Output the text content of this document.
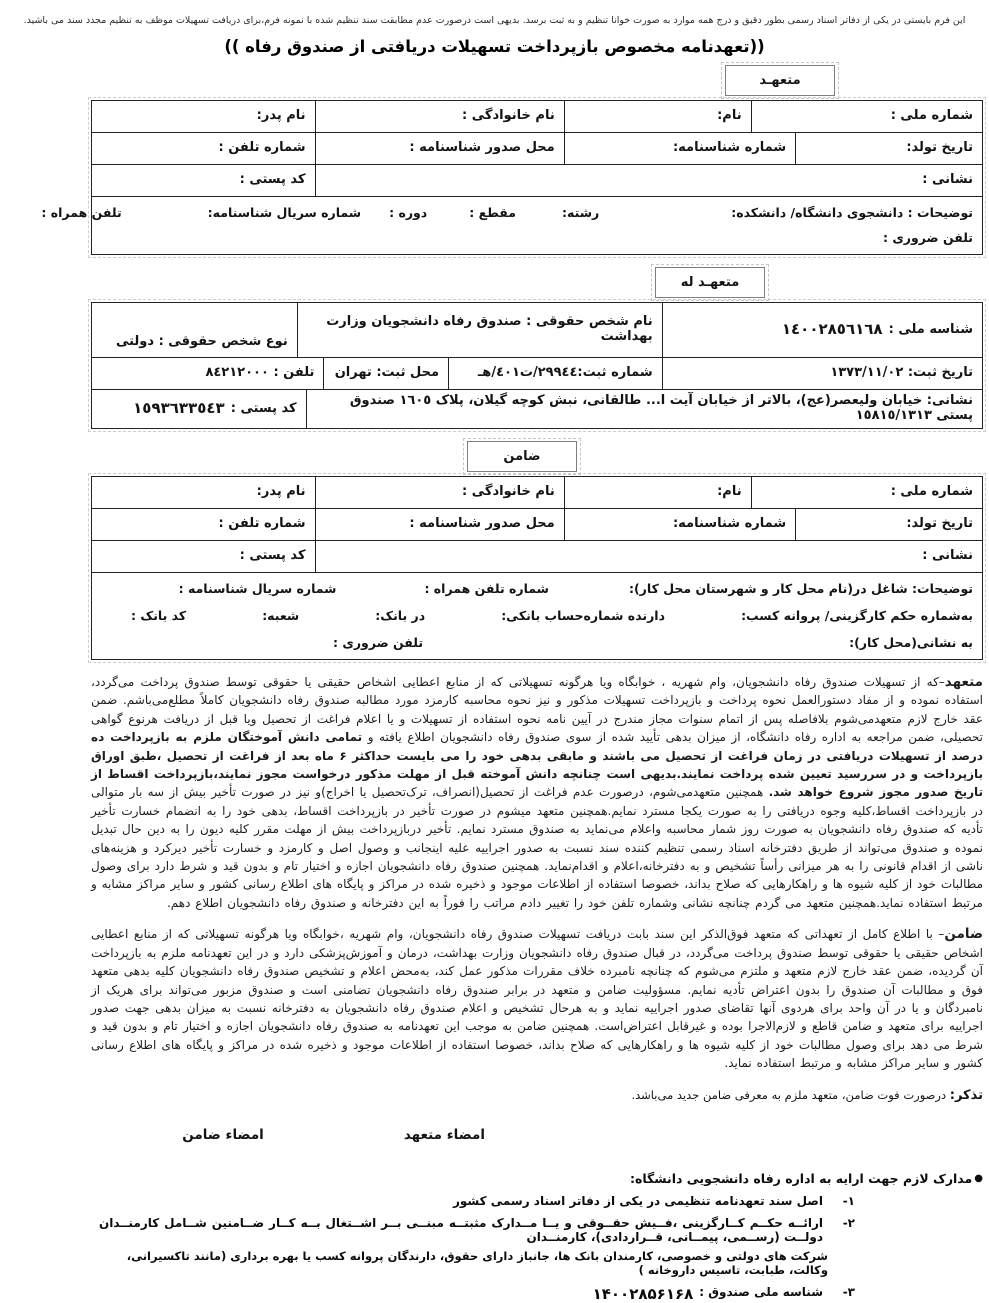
این فرم بایستی در یکی از دفاتر اسناد رسمی بطور دقیق و درج همه موارد به صورت خوانا تنظیم و به ثبت برسد. بدیهی است درصورت عدم مطابقت سند تنظیم شده با نمونه فرم،برای دریافت تسهیلات موظف به تنظیم مجدد سند می باشید.
((تعهدنامه مخصوص بازپرداخت تسهیلات دریافتی از صندوق رفاه ))
متعهـد
شماره ملی :
نام:
نام خانوادگی :
نام پدر:
تاریخ تولد:
شماره شناسنامه:
محل صدور شناسنامه :
شماره تلفن :
نشانی :
کد پستی :
توضیحات : دانشجوی دانشگاه/ دانشکده:
رشته:
مقطع :
دوره :
شماره سریال شناسنامه:
تلفن همراه :
تلفن ضروری :
متعهـد له
شناسه ملی :
١٤٠٠٢٨٥٦١٦٨
نام شخص حقوقی : صندوق رفاه دانشجویان وزارت بهداشت
نوع شخص حقوقی : دولتی
تاریخ ثبت: ١٣٧٣/١١/٠٢
شماره ثبت:٢٩٩٤٤/ت٤٠١/هـ
محل ثبت: تهران
تلفن : ٨٤٢١٢٠٠٠
نشانی: خیابان ولیعصر(عج)، بالاتر از خیابان آیت ا... طالقانی، نبش کوچه گیلان، پلاک ١٦٠٥ صندوق پستی ١٥٨١٥/١٣١٣
کد پستی :
١٥٩٣٦٣٣٥٤٣
ضامن
شماره ملی :
نام:
نام خانوادگی :
نام پدر:
تاریخ تولد:
شماره شناسنامه:
محل صدور شناسنامه :
شماره تلفن :
نشانی :
کد پستی :
توضیحات: شاغل در(نام محل کار و شهرستان محل کار):
شماره تلفن همراه :
شماره سریال شناسنامه :
به‌شماره حکم کارگزینی/ پروانه کسب:
دارنده شماره‌حساب بانکی:
در بانک:
شعبه:
کد بانک :
به نشانی(محل کار):
تلفن ضروری :
متعهد–که از تسهیلات صندوق رفاه دانشجویان، وام شهریه ، خوابگاه ویا هرگونه تسهیلاتی که از منابع اعطایی اشخاص حقیقی یا حقوقی توسط صندوق پرداخت می‌گردد، استفاده نموده و از مفاد دستورالعمل نحوه پرداخت و بازپرداخت تسهیلات مذکور و نیز نحوه محاسبه کارمزد مورد مطالبه صندوق رفاه دانشجویان کاملاً مطلع‌می‌باشم. ضمن عقد خارج لازم متعهدمی‌شوم بلافاصله پس از اتمام سنوات مجاز مندرج در آیین نامه نحوه استفاده از تسهیلات و یا اعلام فراغت از تحصیل ویا قبل از دریافت هرنوع گواهی تحصیلی، ضمن مراجعه به اداره رفاه دانشگاه، از میزان بدهی تأیید شده از سوی صندوق رفاه دانشجویان اطلاع یافته و تمامی دانش آموختگان ملزم به بازپرداخت ده درصد از تسهیلات دریافتی در زمان فراغت از تحصیل می باشند و مابقی بدهی خود را می بایست حداکثر ۶ ماه بعد از فراغت از تحصیل ،طبق اوراق بازپرداخت و در سررسید تعیین شده پرداخت نمایند.بدیهی است چنانچه دانش آموخته قبل از مهلت مذکور درخواست مجوز نمایند،بازپرداخت اقساط از تاریخ صدور مجوز شروع خواهد شد. همچنین متعهدمی‌شوم، درصورت عدم فراغت از تحصیل(انصراف، ترک‌تحصیل یا اخراج)و نیز در صورت تأخیر بیش از سه بار متوالی در بازپرداخت اقساط،کلیه وجوه دریافتی را به صورت یکجا مسترد نمایم.همچنین متعهد میشوم در صورت تأخیر در بازپرداخت اقساط، بدهی خود را به انضمام خسارت تأخیر تأدیه که صندوق رفاه دانشجویان به صورت روز شمار محاسبه واعلام می‌نماید به صندوق مسترد نمایم. تأخیر دربازپرداخت بیش از مهلت مقرر کلیه دیون را به دین حال تبدیل نموده و صندوق می‌تواند از طریق دفترخانه اسناد رسمی تنظیم کننده سند نسبت به صدور اجراییه علیه اینجانب و وصول اصل و کارمزد و خسارت تأخیر دیرکرد و هزینه‌های ناشی از اقدام قانونی را به هر میزانی رأساً تشخیص و به دفترخانه،اعلام و اقدام‌نماید. همچنین صندوق رفاه دانشجویان اجازه و اختیار تام و بدون قید و شرط دارد برای وصول مطالبات خود از کلیه شیوه ها و راهکارهایی که صلاح بداند، خصوصا استفاده از اطلاعات موجود و ذخیره شده در مراکز و پایگاه های اطلاع رسانی کشور و سایر مراکز مشابه و مرتبط استفاده نماید.همچنین متعهد می گردم چنانچه نشانی وشماره تلفن خود را تغییر دادم مراتب را فوراً به این دفترخانه و صندوق رفاه دانشجویان اطلاع دهم.
ضامن– با اطلاع کامل از تعهداتی که متعهد فوق‌الذکر این سند بابت دریافت تسهیلات صندوق رفاه دانشجویان، وام شهریه ،خوابگاه ویا هرگونه تسهیلاتی که از منابع اعطایی اشخاص حقیقی یا حقوقی توسط صندوق پرداخت می‌گردد، در قبال صندوق رفاه دانشجویان وزارت بهداشت، درمان و آموزش‌پزشکی دارد و در این تعهدنامه ملزم به بازپرداخت آن گردیده، ضمن عقد خارج لازم متعهد و ملتزم می‌شوم که چنانچه نامبرده خلاف مقررات مذکور عمل کند، به‌محض اعلام و تشخیص صندوق رفاه دانشجویان کلیه بدهی متعهد فوق و مطالبات آن صندوق را بدون اعتراض تأدیه نمایم. مسؤولیت ضامن و متعهد در برابر صندوق رفاه دانشجویان تضامنی است و صندوق مزبور می‌تواند برای هریک از نامبردگان و یا در آن واحد برای هردوی آنها تقاضای صدور اجراییه نماید و به هرحال تشخیص و اعلام صندوق رفاه دانشجویان به دفترخانه نسبت به میزان بدهی جهت صدور اجراییه برای متعهد و ضامن قاطع و لازم‌الاجرا بوده و غیرقابل اعتراض‌است. همچنین ضامن به موجب این تعهدنامه به صندوق رفاه دانشجویان اجازه و اختیار تام و بدون قید و شرط می دهد برای وصول مطالبات خود از کلیه شیوه ها و راهکارهایی که صلاح بداند، خصوصا استفاده از اطلاعات موجود و ذخیره شده در مراکز و پایگاه های اطلاع رسانی کشور و سایر مراکز مشابه و مرتبط استفاده نماید.
تذکر: درصورت فوت ضامن، متعهد ملزم به معرفی ضامن جدید می‌باشد.
امضاء متعهد
امضاء ضامن
●
مدارک لازم جهت ارایه به اداره رفاه دانشجویی دانشگاه:
۱-
اصل سند تعهدنامه تنظیمی در یکی از دفاتر اسناد رسمی کشور
۲-
ارائــه حکــم کــارگزینی ،فــیش حقــوقی و یــا مــدارک مثبتــه مبنــی بــر اشــتغال بــه کــار ضــامنین شــامل کارمنــدان دولــت (رســمی، پیمــانی، قــراردادی)، کارمنــدان
شرکت های دولتی و خصوصی، کارمندان بانک ها، جانباز دارای حقوق، دارندگان پروانه کسب یا بهره برداری (مانند تاکسیرانی، وکالت، طبابت، تاسیس داروخانه )
۳-
شناسه ملی صندوق :
۱۴۰۰۲۸۵۶۱۶۸
